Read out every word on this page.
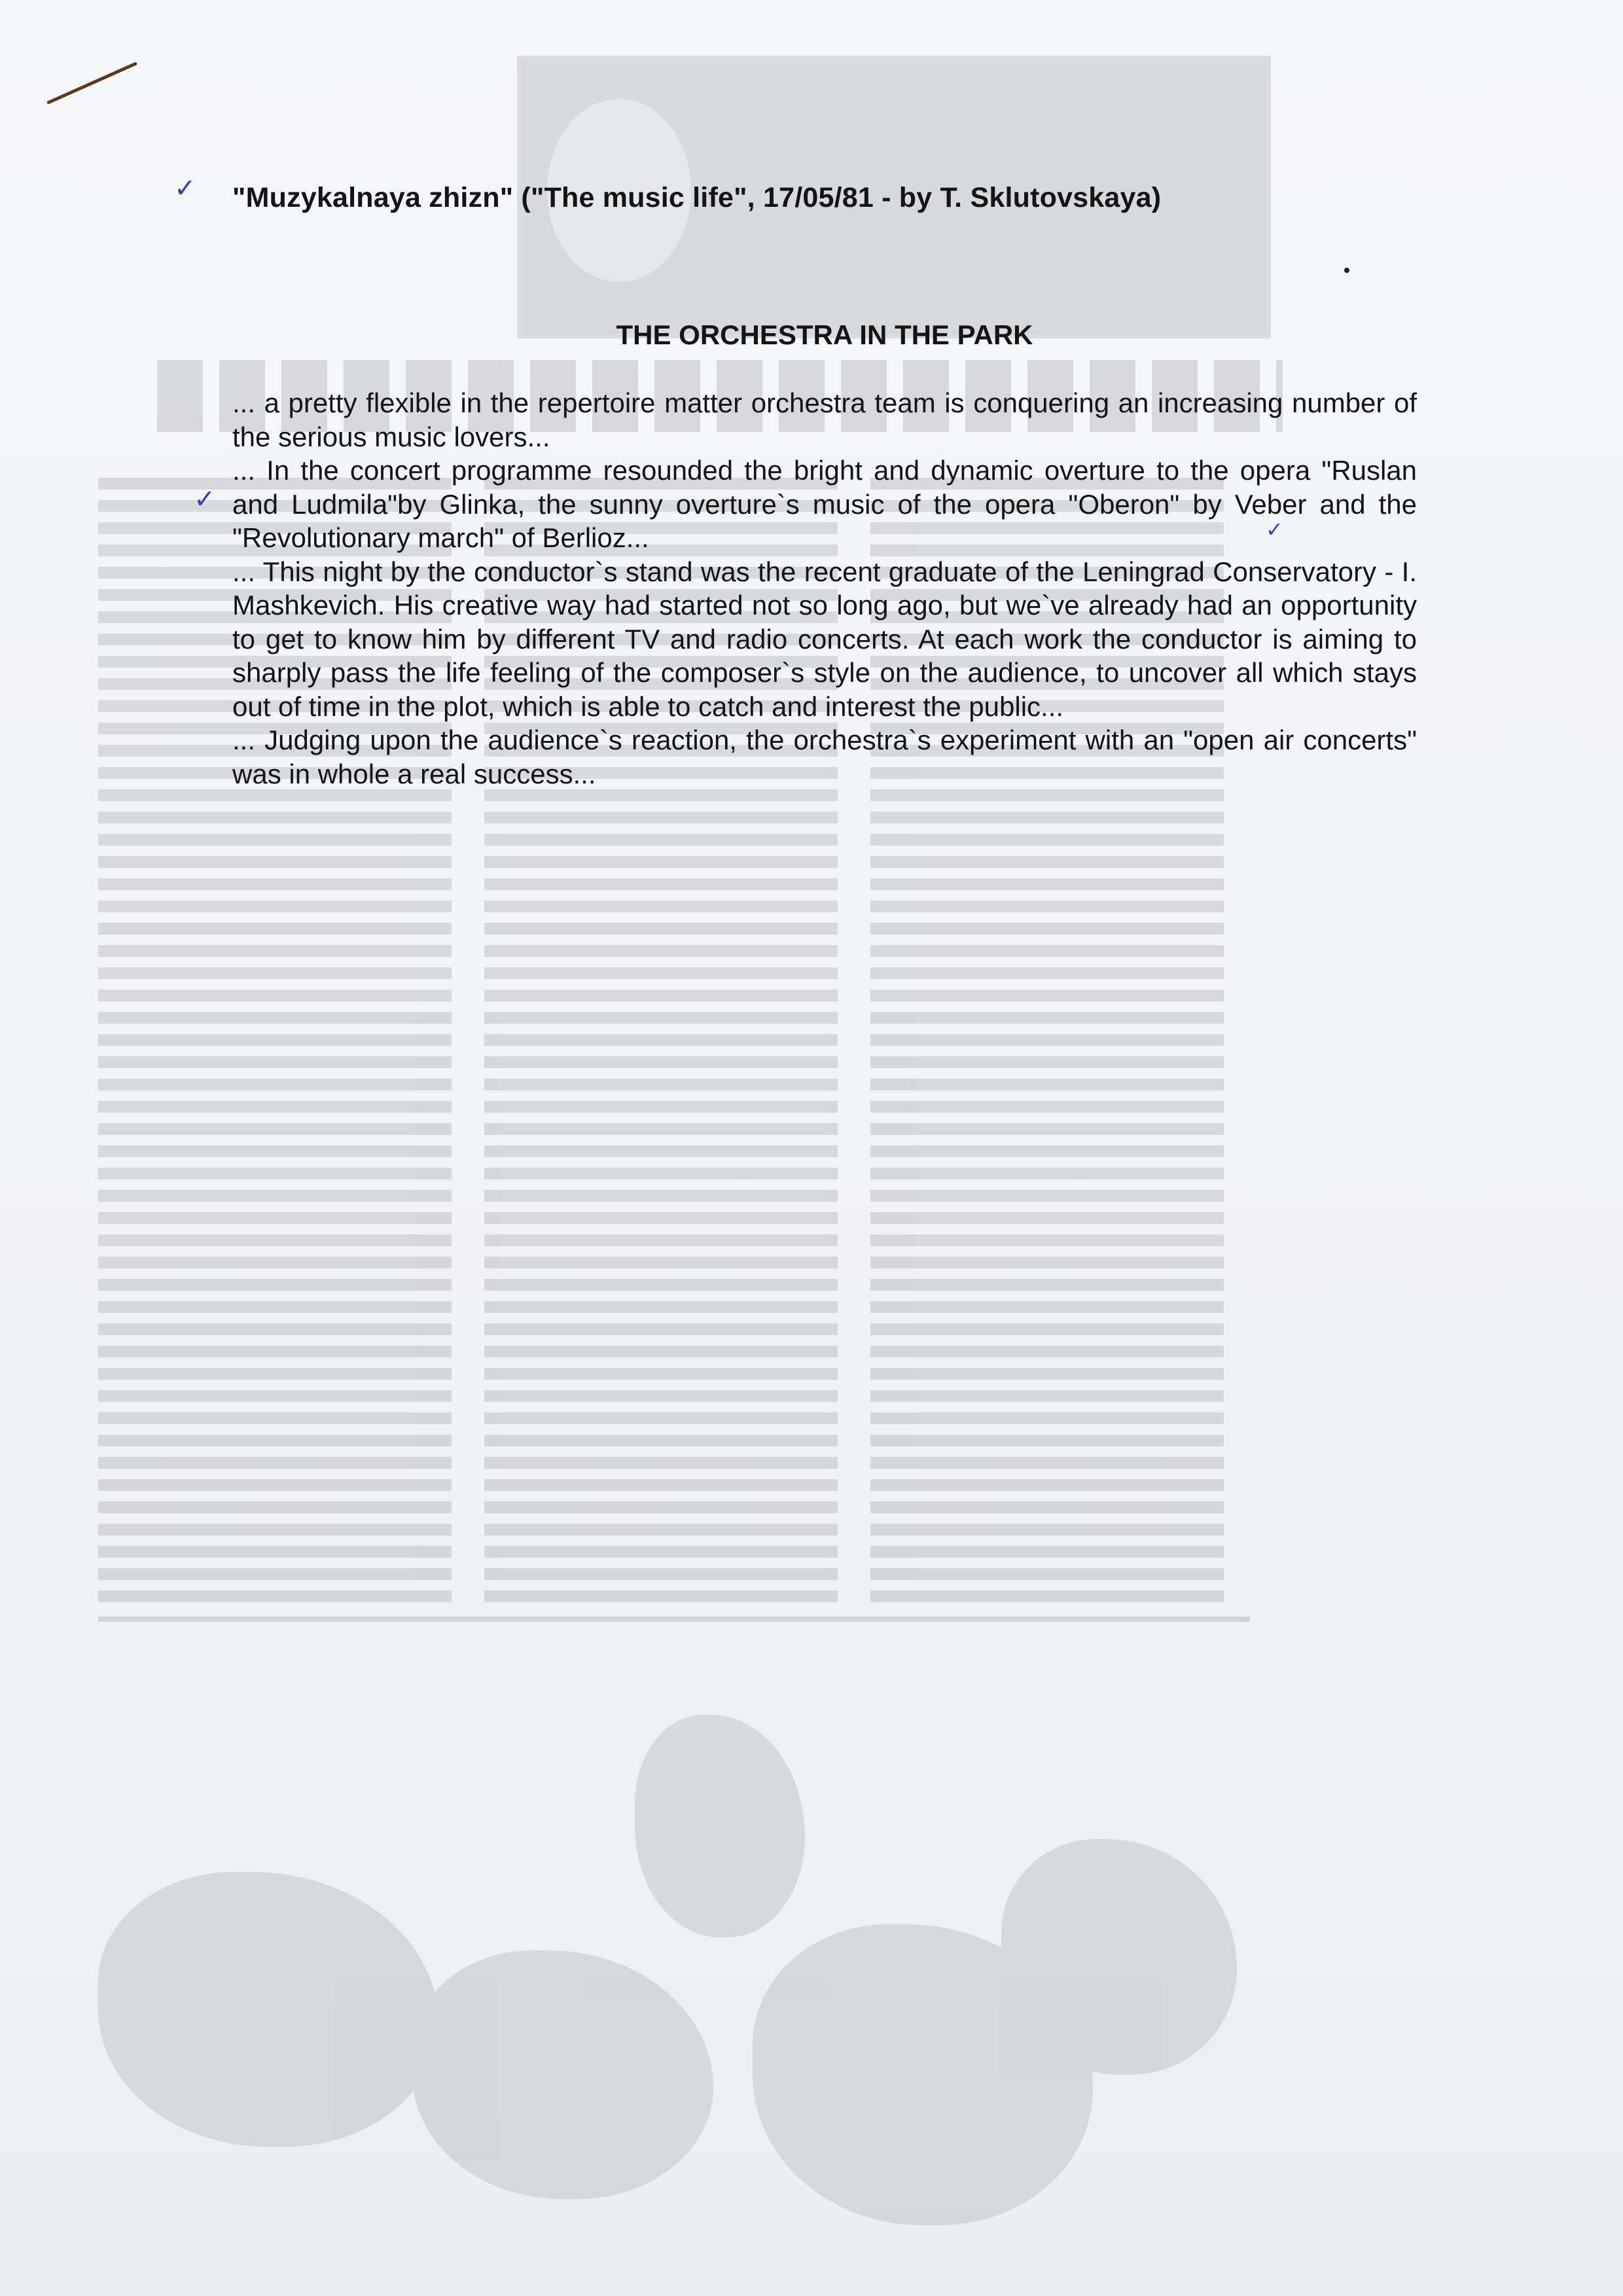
✓
✓
✓
"Muzykalnaya zhizn" ("The music life", 17/05/81 - by T. Sklutovskaya)
THE ORCHESTRA IN THE PARK

... a pretty flexible in the repertoire matter orchestra team is conquering an increasing number of the serious music lovers...

... In the concert programme resounded the bright and dynamic overture to the opera "Ruslan and Ludmila"by Glinka, the sunny overture`s music of the opera "Oberon" by Veber and the "Revolutionary march" of Berlioz...

... This night by the conductor`s stand was the recent graduate of the Leningrad Conservatory - I. Mashkevich. His creative way had started not so long ago, but we`ve already had an opportunity to get to know him by different TV and radio concerts. At each work the conductor is aiming to sharply pass the life feeling of the composer`s style on the audience, to uncover all which stays out of time in the plot, which is able to catch and interest the public...

... Judging upon the audience`s reaction, the orchestra`s experiment with an "open air concerts" was in whole a real success...
